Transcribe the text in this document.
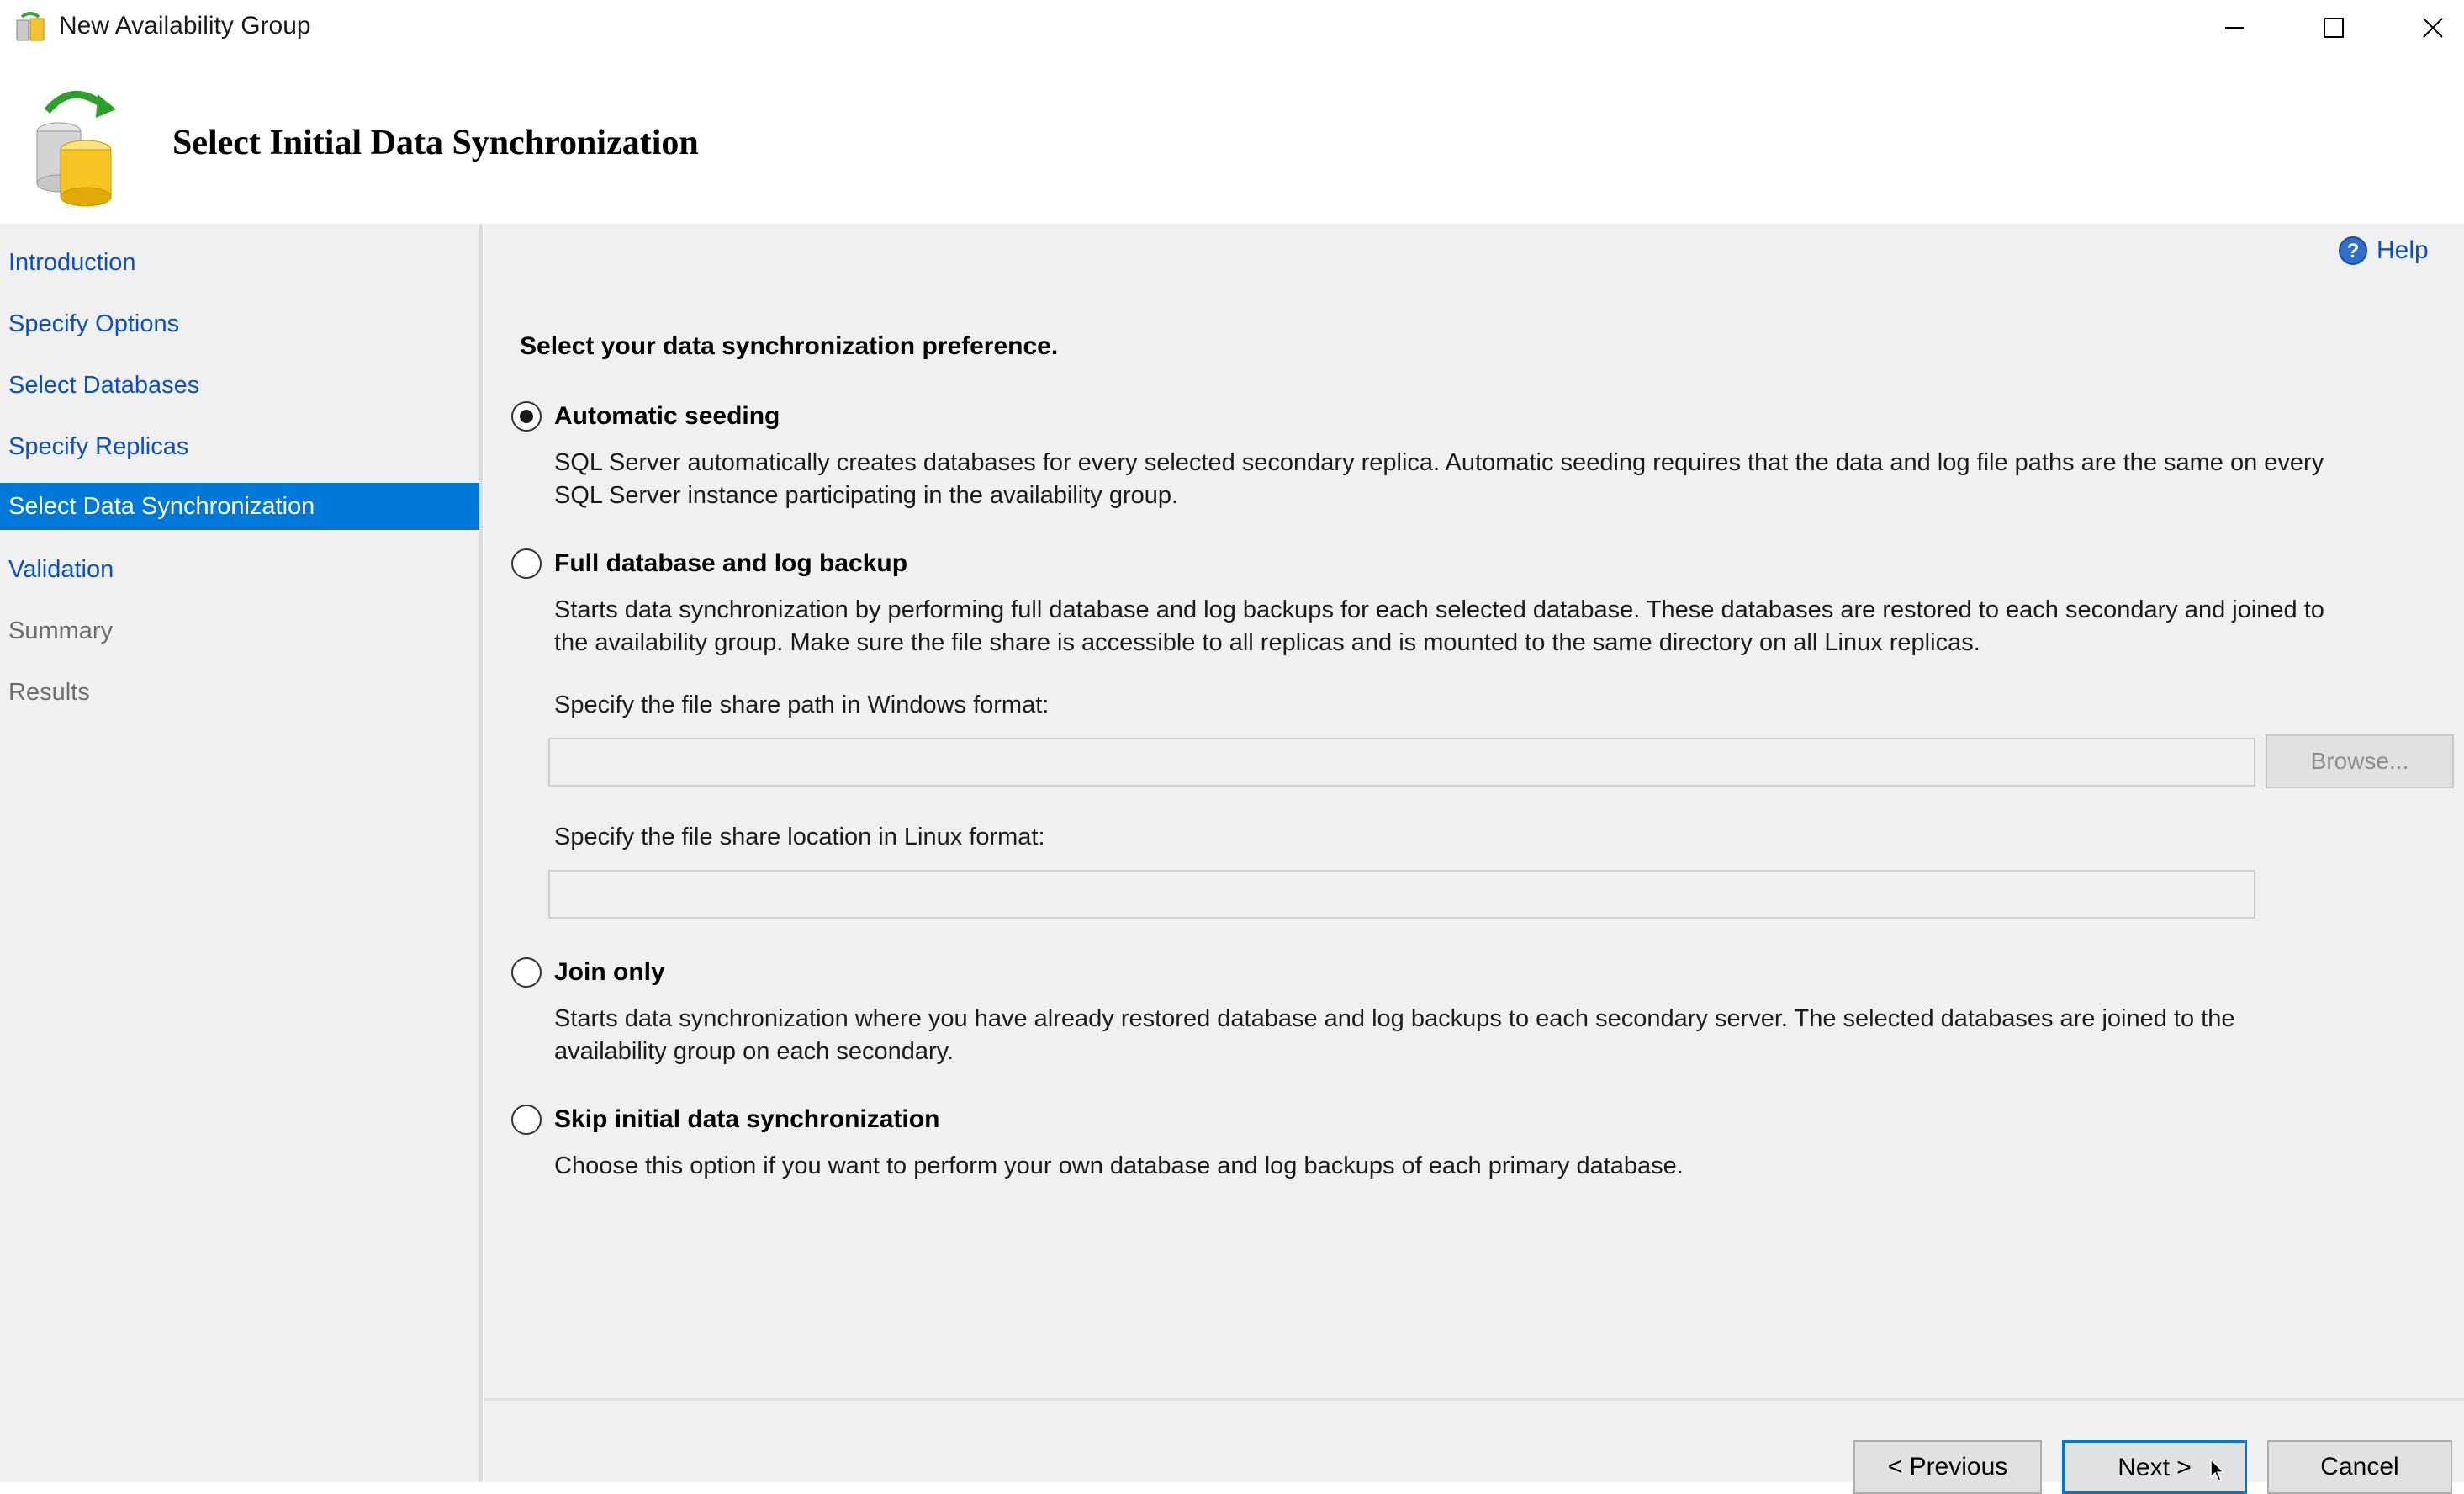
New Availability Group
Select Initial Data Synchronization
Introduction
Specify Options
Select Databases
Specify Replicas
Select Data Synchronization
Validation
Summary
Results
? Help
Select your data synchronization preference.
Automatic seeding
SQL Server automatically creates databases for every selected secondary replica. Automatic seeding requires that the data and log file paths are the same on every
SQL Server instance participating in the availability group.
Full database and log backup
Starts data synchronization by performing full database and log backups for each selected database. These databases are restored to each secondary and joined to
the availability group. Make sure the file share is accessible to all replicas and is mounted to the same directory on all Linux replicas.
Specify the file share path in Windows format:
Browse...
Specify the file share location in Linux format:
Join only
Starts data synchronization where you have already restored database and log backups to each secondary server. The selected databases are joined to the
availability group on each secondary.
Skip initial data synchronization
Choose this option if you want to perform your own database and log backups of each primary database.
< Previous	Next >	Cancel
